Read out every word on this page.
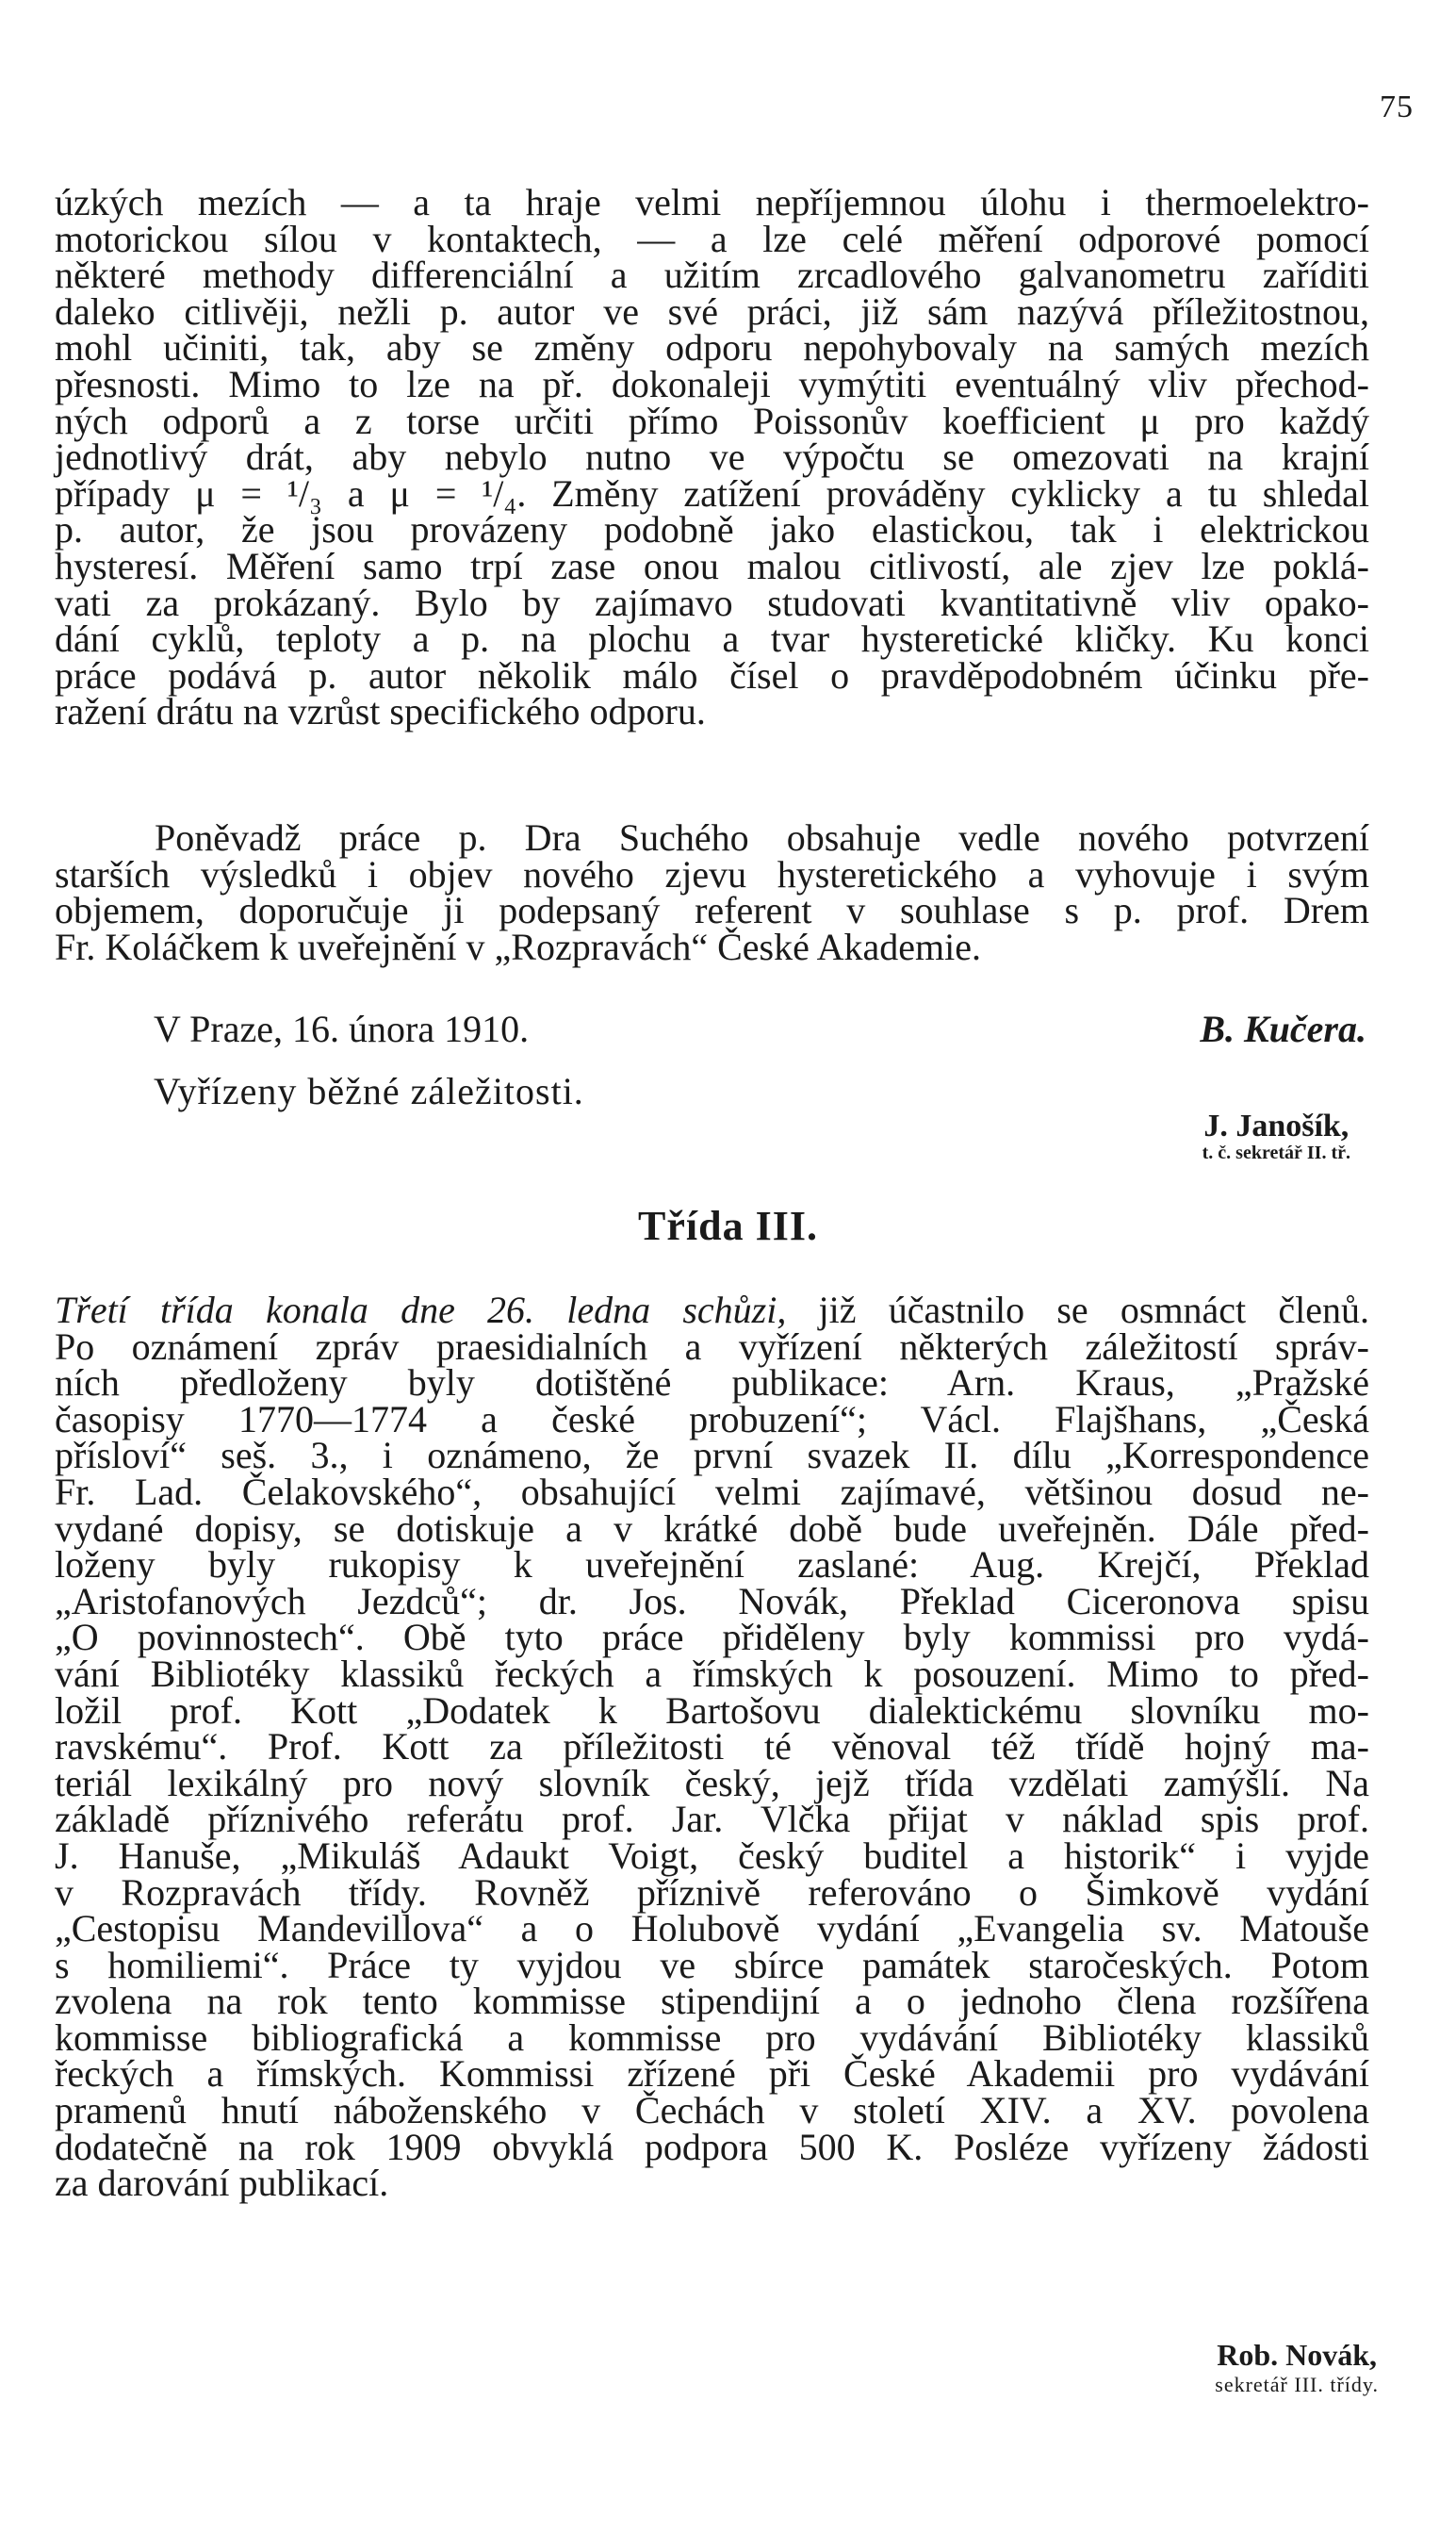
75
úzkých mezích — a ta hraje velmi nepříjemnou úlohu i thermoelektro-
motorickou sílou v kontaktech, — a lze celé měření odporové pomocí
některé methody differenciální a užitím zrcadlového galvanometru zaříditi
daleko citlivěji, nežli p. autor ve své práci, již sám nazývá příležitostnou,
mohl učiniti, tak, aby se změny odporu nepohybovaly na samých mezích
přesnosti. Mimo to lze na př. dokonaleji vymýtiti eventuálný vliv přechod-
ných odporů a z torse určiti přímo Poissonův koefficient μ pro každý
jednotlivý drát, aby nebylo nutno ve výpočtu se omezovati na krajní
případy μ = ¹/₃ a μ = ¹/₄. Změny zatížení prováděny cyklicky a tu shledal
p. autor, že jsou provázeny podobně jako elastickou, tak i elektrickou
hysteresí. Měření samo trpí zase onou malou citlivostí, ale zjev lze poklá-
vati za prokázaný. Bylo by zajímavo studovati kvantitativně vliv opako-
dání cyklů, teploty a p. na plochu a tvar hysteretické kličky. Ku konci
práce podává p. autor několik málo čísel o pravděpodobném účinku pře-
ražení drátu na vzrůst specifického odporu.
Poněvadž práce p. Dra Suchého obsahuje vedle nového potvrzení
starších výsledků i objev nového zjevu hysteretického a vyhovuje i svým
objemem, doporučuje ji podepsaný referent v souhlase s p. prof. Drem
Fr. Koláčkem k uveřejnění v „Rozpravách“ České Akademie.
V Praze, 16. února 1910.	B. Kučera.
Vyřízeny běžné záležitosti.
J. Janošík,
t. č. sekretář II. tř.
Třída III.
Třetí třída konala dne 26. ledna schůzi, již účastnilo se osmnáct členů.
Po oznámení zpráv praesidialních a vyřízení některých záležitostí správ-
ních předloženy byly dotištěné publikace: Arn. Kraus, „Pražské
časopisy 1770—1774 a české probuzení“; Václ. Flajšhans, „Česká
přísloví“ seš. 3., i oznámeno, že první svazek II. dílu „Korrespondence
Fr. Lad. Čelakovského“, obsahující velmi zajímavé, většinou dosud ne-
vydané dopisy, se dotiskuje a v krátké době bude uveřejněn. Dále před-
loženy byly rukopisy k uveřejnění zaslané: Aug. Krejčí, Překlad
„Aristofanových Jezdců“; dr. Jos. Novák, Překlad Ciceronova spisu
„O povinnostech“. Obě tyto práce přiděleny byly kommissi pro vydá-
vání Bibliotéky klassiků řeckých a římských k posouzení. Mimo to před-
ložil prof. Kott „Dodatek k Bartošovu dialektickému slovníku mo-
ravskému“. Prof. Kott za příležitosti té věnoval též třídě hojný ma-
teriál lexikálný pro nový slovník český, jejž třída vzdělati zamýšlí. Na
základě příznivého referátu prof. Jar. Vlčka přijat v náklad spis prof.
J. Hanuše, „Mikuláš Adaukt Voigt, český buditel a historik“ i vyjde
v Rozpravách třídy. Rovněž příznivě referováno o Šimkově vydání
„Cestopisu Mandevillova“ a o Holubově vydání „Evangelia sv. Matouše
s homiliemi“. Práce ty vyjdou ve sbírce památek staročeských. Potom
zvolena na rok tento kommisse stipendijní a o jednoho člena rozšířena
kommisse bibliografická a kommisse pro vydávání Bibliotéky klassiků
řeckých a římských. Kommissi zřízené při České Akademii pro vydávání
pramenů hnutí náboženského v Čechách v století XIV. a XV. povolena
dodatečně na rok 1909 obvyklá podpora 500 K. Posléze vyřízeny žádosti
za darování publikací.
Rob. Novák,
sekretář III. třídy.
